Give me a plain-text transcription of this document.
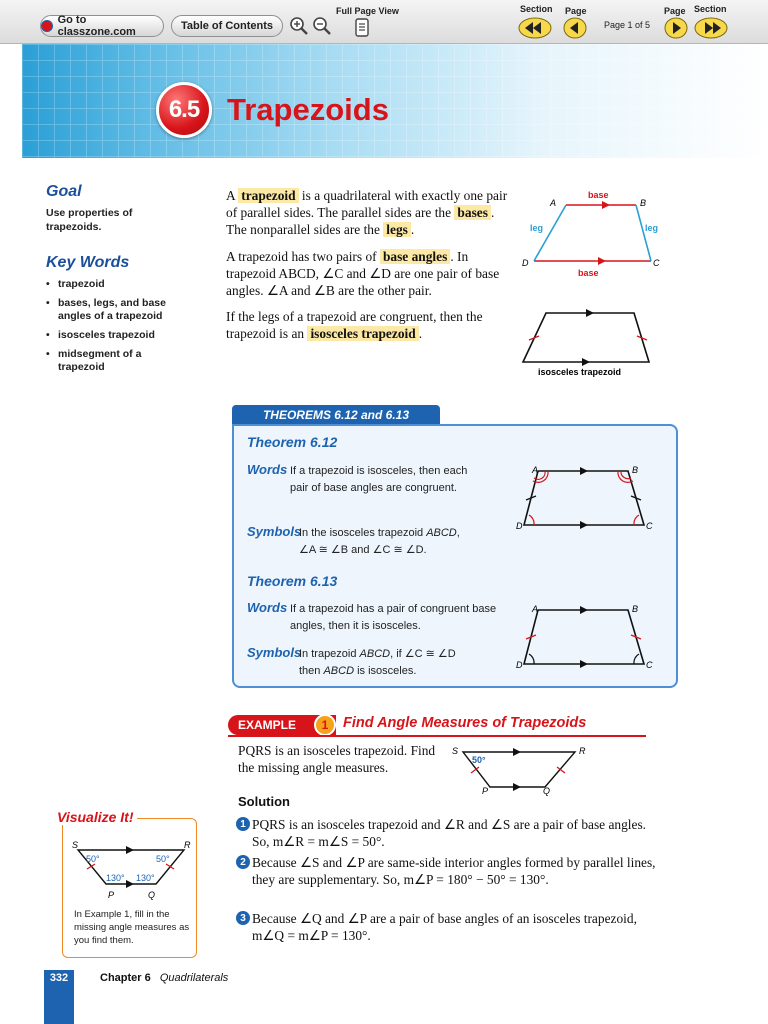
Go to classzone.com	Table of Contents
Full Page View	Section Page
Page 1 of 5
Page Section
6.5 Trapezoids
Goal
Use properties of trapezoids.
Key Words
• trapezoid
• bases, legs, and base angles of a trapezoid
• isosceles trapezoid
• midsegment of a trapezoid
A trapezoid is a quadrilateral with exactly one pair of parallel sides. The parallel sides are the bases . The nonparallel sides are the legs .
A trapezoid has two pairs of base angles . In trapezoid ABCD, ∠C and ∠D are one pair of base angles. ∠A and ∠B are the other pair.
If the legs of a trapezoid are congruent, then the trapezoid is an isosceles trapezoid .
base
base
leg	leg
A	B
C
D
isosceles trapezoid
THEOREMS 6.12 and 6.13
Theorem 6.12
Words If a trapezoid is isosceles, then each pair of base angles are congruent.
Symbols
In the isosceles trapezoid ABCD,
∠A ≅ ∠B and ∠C ≅ ∠D.
A	B
C
D
Theorem 6.13
Words If a trapezoid has a pair of congruent base angles, then it is isosceles.
Symbols
In trapezoid ABCD, if ∠C ≅ ∠D
then ABCD is isosceles.
A	B
C
D
EXAMPLE	1	Find Angle Measures of Trapezoids
PQRS is an isosceles trapezoid. Find the missing angle measures.
S	R
P	Q
50°
Solution
1 PQRS is an isosceles trapezoid and ∠R and ∠S are a pair of base angles. So, m∠R = m∠S = 50°.
2 Because ∠S and ∠P are same-side interior angles formed by parallel lines, they are supplementary. So, m∠P = 180° − 50° = 130°.
3 Because ∠Q and ∠P are a pair of base angles of an isosceles trapezoid, m∠Q = m∠P = 130°.
Visualize It!
S	R
P	Q
50°	50°
130° 130°
In Example 1, fill in the missing angle measures as you find them.
332	Chapter 6 Quadrilaterals
